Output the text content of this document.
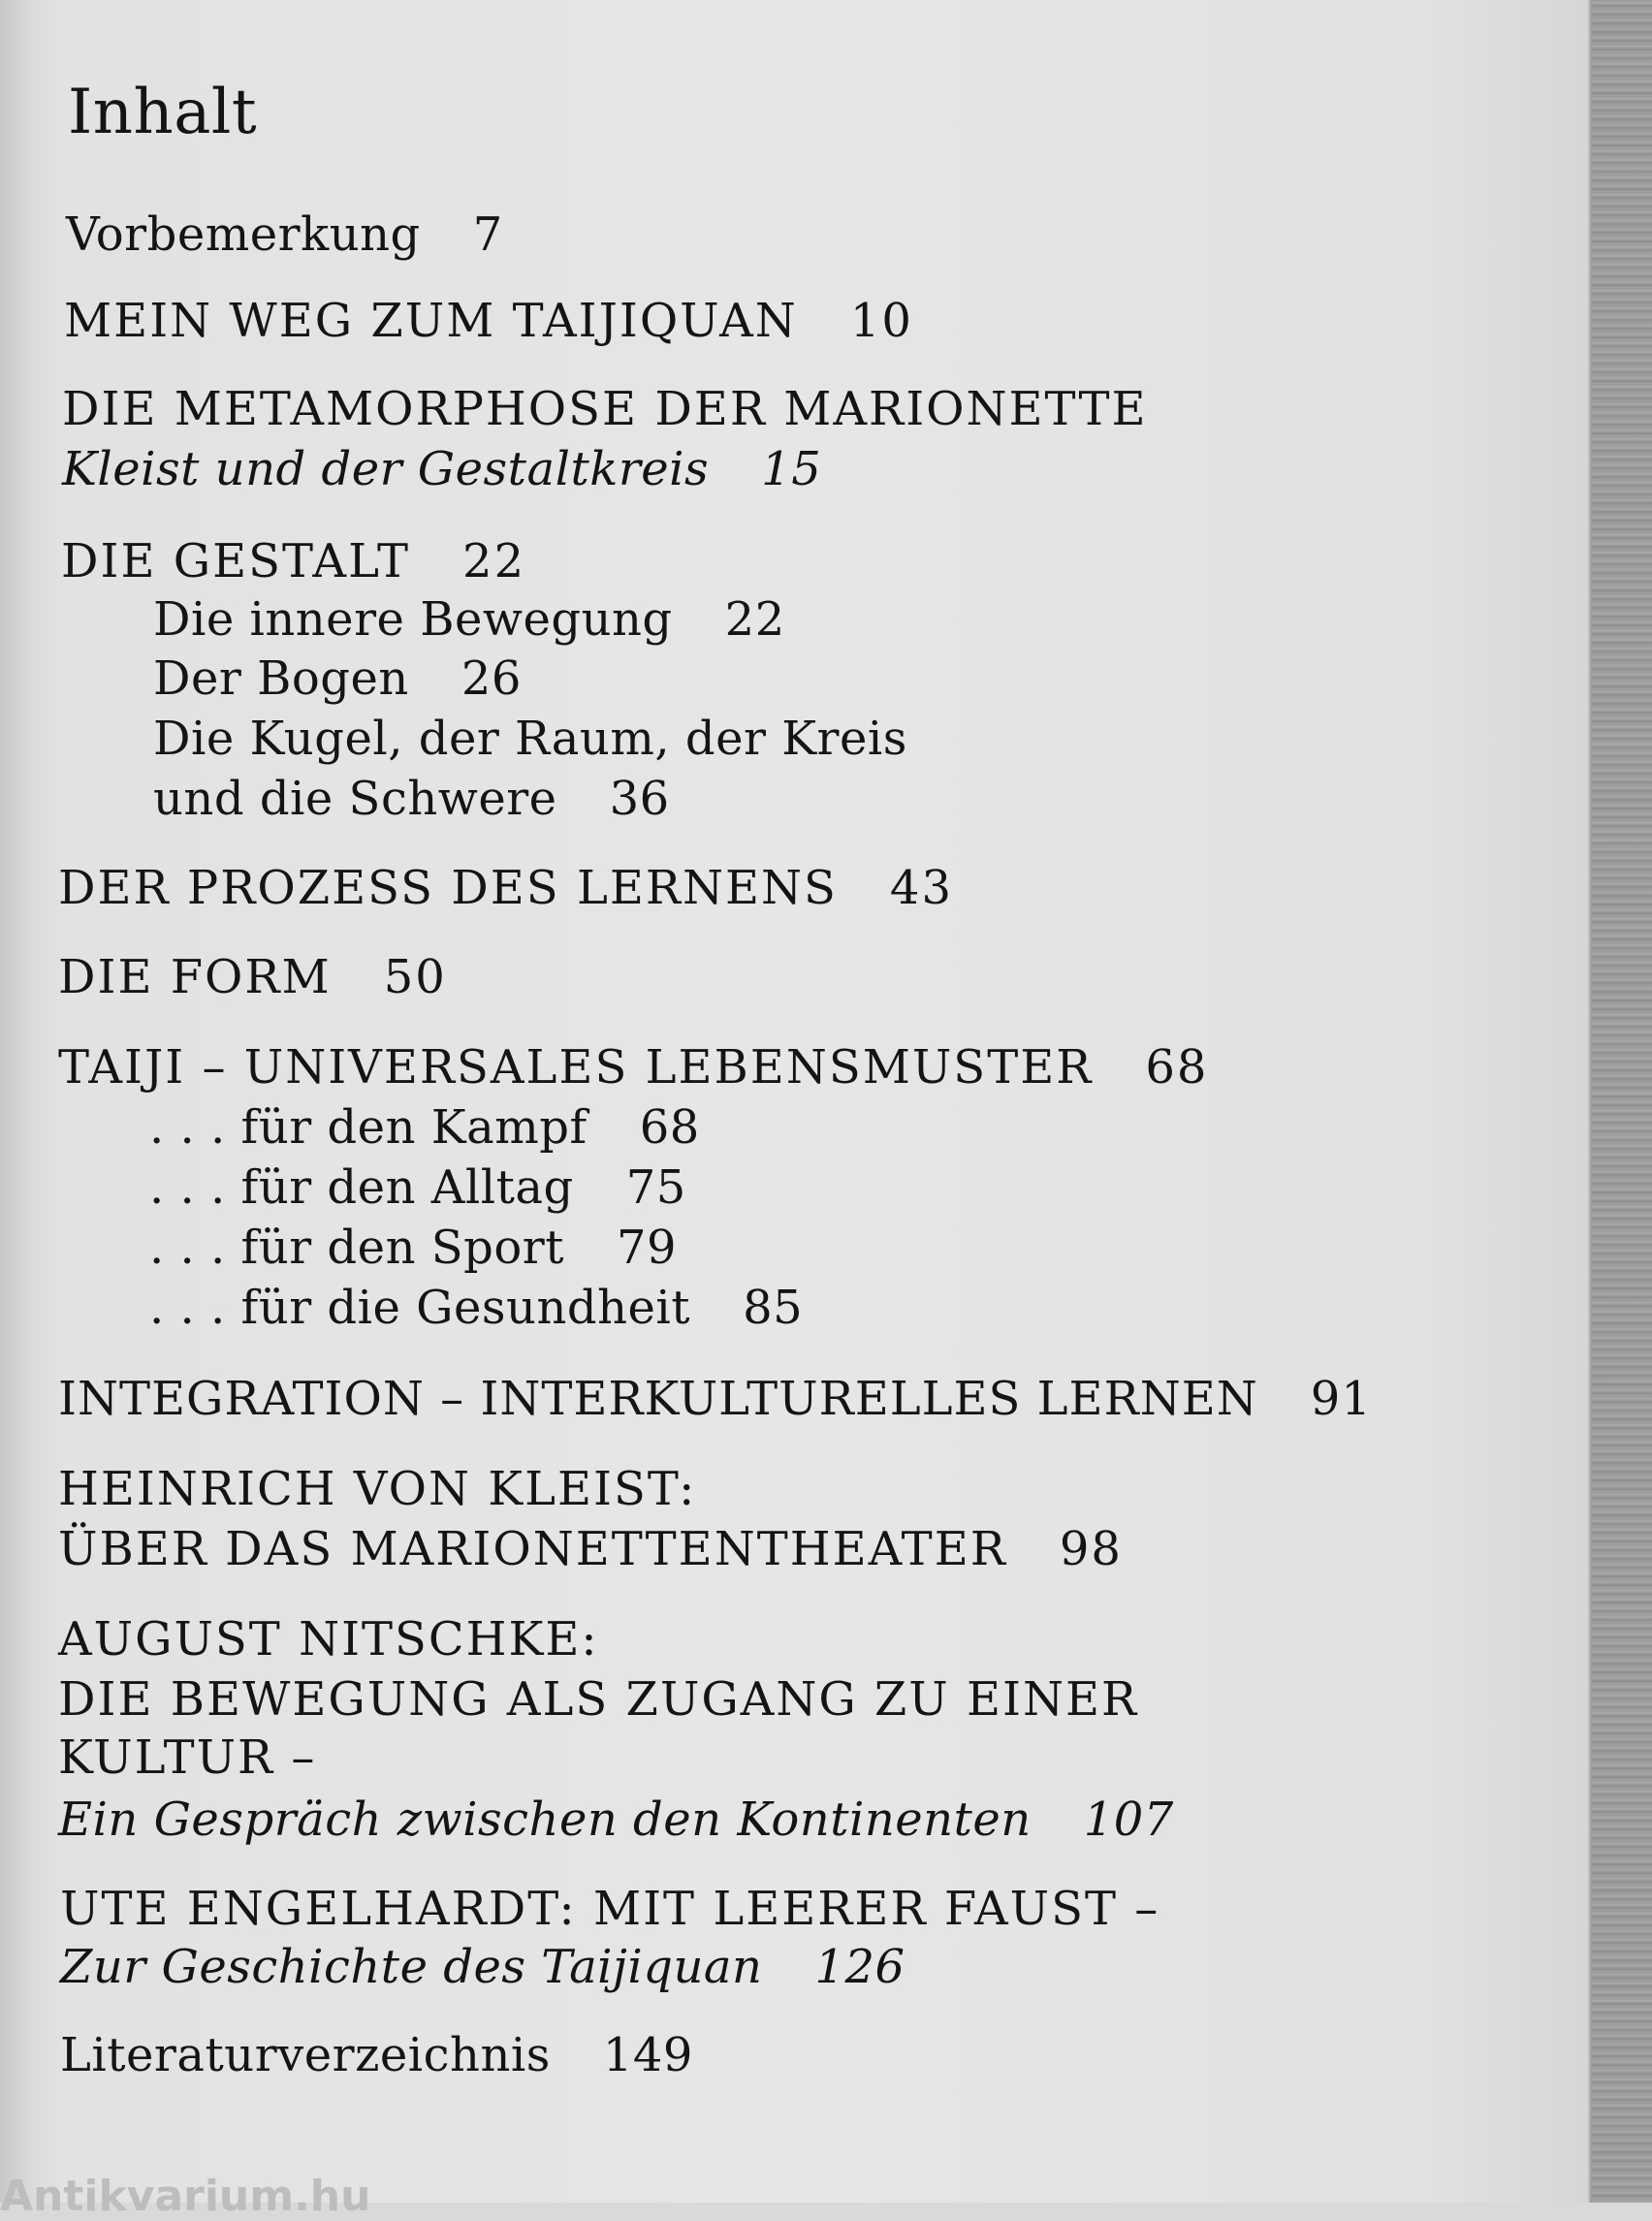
Inhalt
Vorbemerkung 7
MEIN WEG ZUM TAIJIQUAN 10
DIE METAMORPHOSE DER MARIONETTE
Kleist und der Gestaltkreis 15
DIE GESTALT 22
Die innere Bewegung 22
Der Bogen 26
Die Kugel, der Raum, der Kreis
und die Schwere 36
DER PROZESS DES LERNENS 43
DIE FORM 50
TAIJI – UNIVERSALES LEBENSMUSTER 68
. . . für den Kampf 68
. . . für den Alltag 75
. . . für den Sport 79
. . . für die Gesundheit 85
INTEGRATION – INTERKULTURELLES LERNEN 91
HEINRICH VON KLEIST:
ÜBER DAS MARIONETTENTHEATER 98
AUGUST NITSCHKE:
DIE BEWEGUNG ALS ZUGANG ZU EINER
KULTUR –
Ein Gespräch zwischen den Kontinenten 107
UTE ENGELHARDT: MIT LEERER FAUST –
Zur Geschichte des Taijiquan 126
Literaturverzeichnis 149
Antikvarium.hu
